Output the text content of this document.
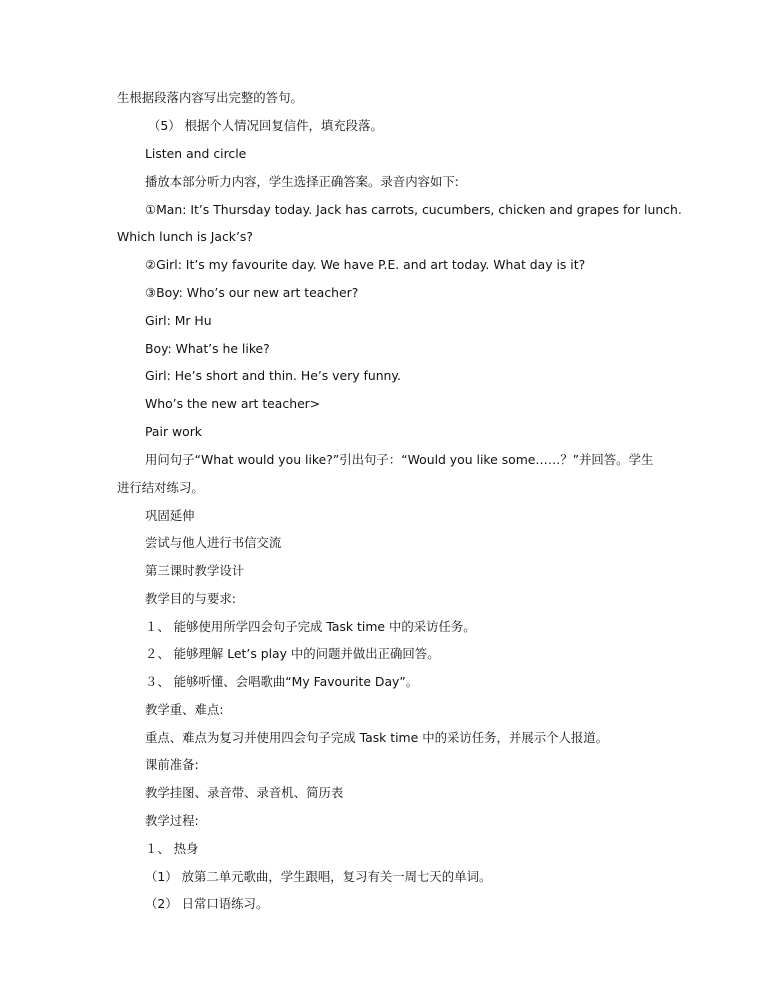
生根据段落内容写出完整的答句。
（5） 根据个人情况回复信件，填充段落。
Listen and circle
播放本部分听力内容，学生选择正确答案。录音内容如下:
①Man: It’s Thursday today. Jack has carrots, cucumbers, chicken and grapes for lunch.
Which lunch is Jack’s?
②Girl: It’s my favourite day. We have P.E. and art today. What day is it?
③Boy: Who’s our new art teacher?
Girl: Mr Hu
Boy: What’s he like?
Girl: He’s short and thin. He’s very funny.
Who’s the new art teacher>
Pair work
用问句子“What would you like?”引出句子：“Would you like some……？”并回答。学生
进行结对练习。
巩固延伸
尝试与他人进行书信交流
第三课时教学设计
教学目的与要求:
１、 能够使用所学四会句子完成 Task time 中的采访任务。
２、 能够理解 Let’s play 中的问题并做出正确回答。
３、 能够听懂、会唱歌曲“My Favourite Day”。
教学重、难点:
重点、难点为复习并使用四会句子完成 Task time 中的采访任务，并展示个人报道。
课前准备:
教学挂图、录音带、录音机、简历表
教学过程:
１、 热身
（1） 放第二单元歌曲，学生跟唱，复习有关一周七天的单词。
（2） 日常口语练习。
